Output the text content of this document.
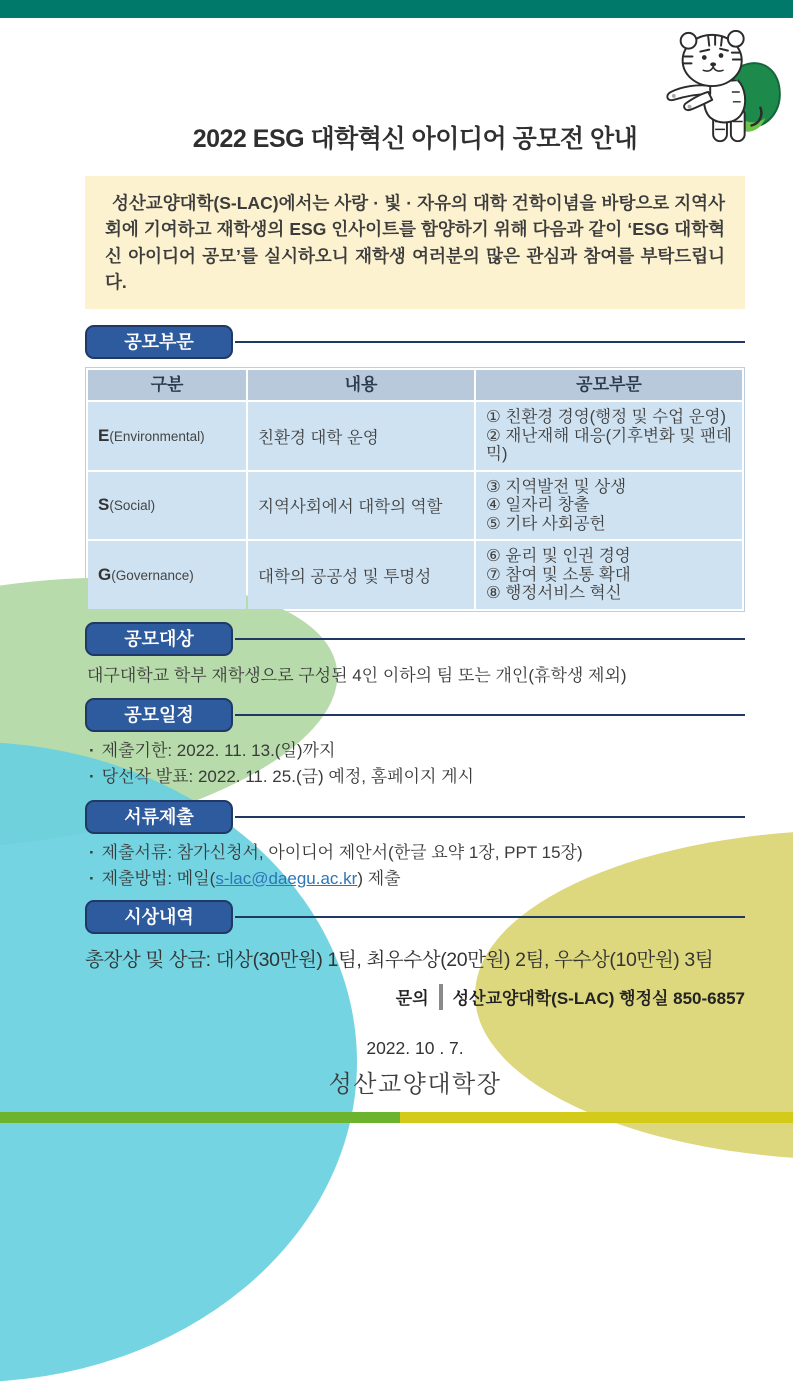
2022 ESG 대학혁신 아이디어 공모전 안내
성산교양대학(S-LAC)에서는 사랑 · 빛 · 자유의 대학 건학이념을 바탕으로 지역사회에 기여하고 재학생의 ESG 인사이트를 함양하기 위해 다음과 같이 ‘ESG 대학혁신 아이디어 공모’를 실시하오니 재학생 여러분의 많은 관심과 참여를 부탁드립니다.
공모부문
구분	내용	공모부문
E(Environmental)	친환경 대학 운영	① 친환경 경영(행정 및 수업 운영)
② 재난재해 대응(기후변화 및 팬데믹)

S(Social)	지역사회에서 대학의 역할	③ 지역발전 및 상생
④ 일자리 창출
⑤ 기타 사회공헌

G(Governance)	대학의 공공성 및 투명성	⑥ 윤리 및 인권 경영
⑦ 참여 및 소통 확대
⑧ 행정서비스 혁신
공모대상
대구대학교 학부 재학생으로 구성된 4인 이하의 팀 또는 개인(휴학생 제외)
공모일정
· 제출기한: 2022. 11. 13.(일)까지
· 당선작 발표: 2022. 11. 25.(금) 예정, 홈페이지 게시
서류제출
· 제출서류: 참가신청서, 아이디어 제안서(한글 요약 1장, PPT 15장)
· 제출방법: 메일(s-lac@daegu.ac.kr) 제출
시상내역
총장상 및 상금: 대상(30만원) 1팀, 최우수상(20만원) 2팀, 우수상(10만원) 3팀
문의 성산교양대학(S-LAC) 행정실 850-6857
2022. 10 . 7.
성산교양대학장
